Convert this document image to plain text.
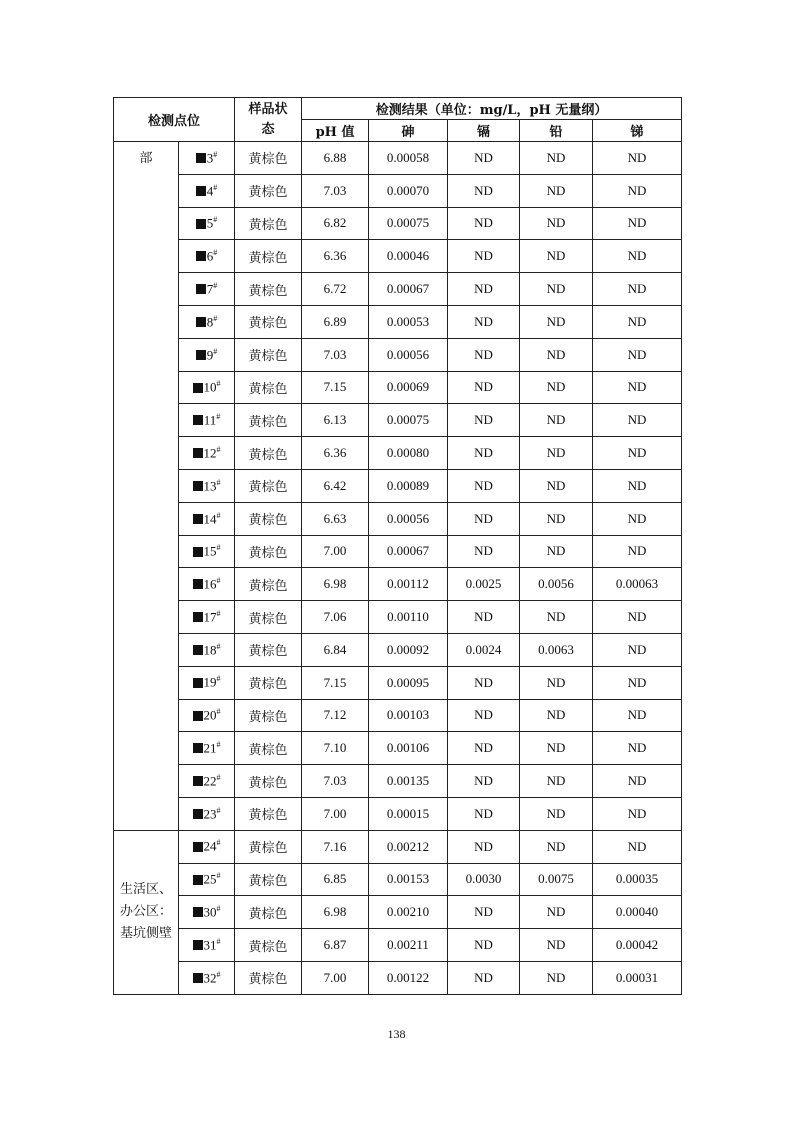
检测点位		样品状态	检测结果（单位：mg/L，pH 无量纲）				
			pH 值	砷	镉	铅	锑
部	3#	黄棕色	6.88	0.00058	ND	ND	ND
	4#	黄棕色	7.03	0.00070	ND	ND	ND
	5#	黄棕色	6.82	0.00075	ND	ND	ND
	6#	黄棕色	6.36	0.00046	ND	ND	ND
	7#	黄棕色	6.72	0.00067	ND	ND	ND
	8#	黄棕色	6.89	0.00053	ND	ND	ND
	9#	黄棕色	7.03	0.00056	ND	ND	ND
	10#	黄棕色	7.15	0.00069	ND	ND	ND
	11#	黄棕色	6.13	0.00075	ND	ND	ND
	12#	黄棕色	6.36	0.00080	ND	ND	ND
	13#	黄棕色	6.42	0.00089	ND	ND	ND
	14#	黄棕色	6.63	0.00056	ND	ND	ND
	15#	黄棕色	7.00	0.00067	ND	ND	ND
	16#	黄棕色	6.98	0.00112	0.0025	0.0056	0.00063
	17#	黄棕色	7.06	0.00110	ND	ND	ND
	18#	黄棕色	6.84	0.00092	0.0024	0.0063	ND
	19#	黄棕色	7.15	0.00095	ND	ND	ND
	20#	黄棕色	7.12	0.00103	ND	ND	ND
	21#	黄棕色	7.10	0.00106	ND	ND	ND
	22#	黄棕色	7.03	0.00135	ND	ND	ND
	23#	黄棕色	7.00	0.00015	ND	ND	ND
生活区、办公区：基坑侧壁	24#	黄棕色	7.16	0.00212	ND	ND	ND
	25#	黄棕色	6.85	0.00153	0.0030	0.0075	0.00035
	30#	黄棕色	6.98	0.00210	ND	ND	0.00040
	31#	黄棕色	6.87	0.00211	ND	ND	0.00042
	32#	黄棕色	7.00	0.00122	ND	ND	0.00031
138
